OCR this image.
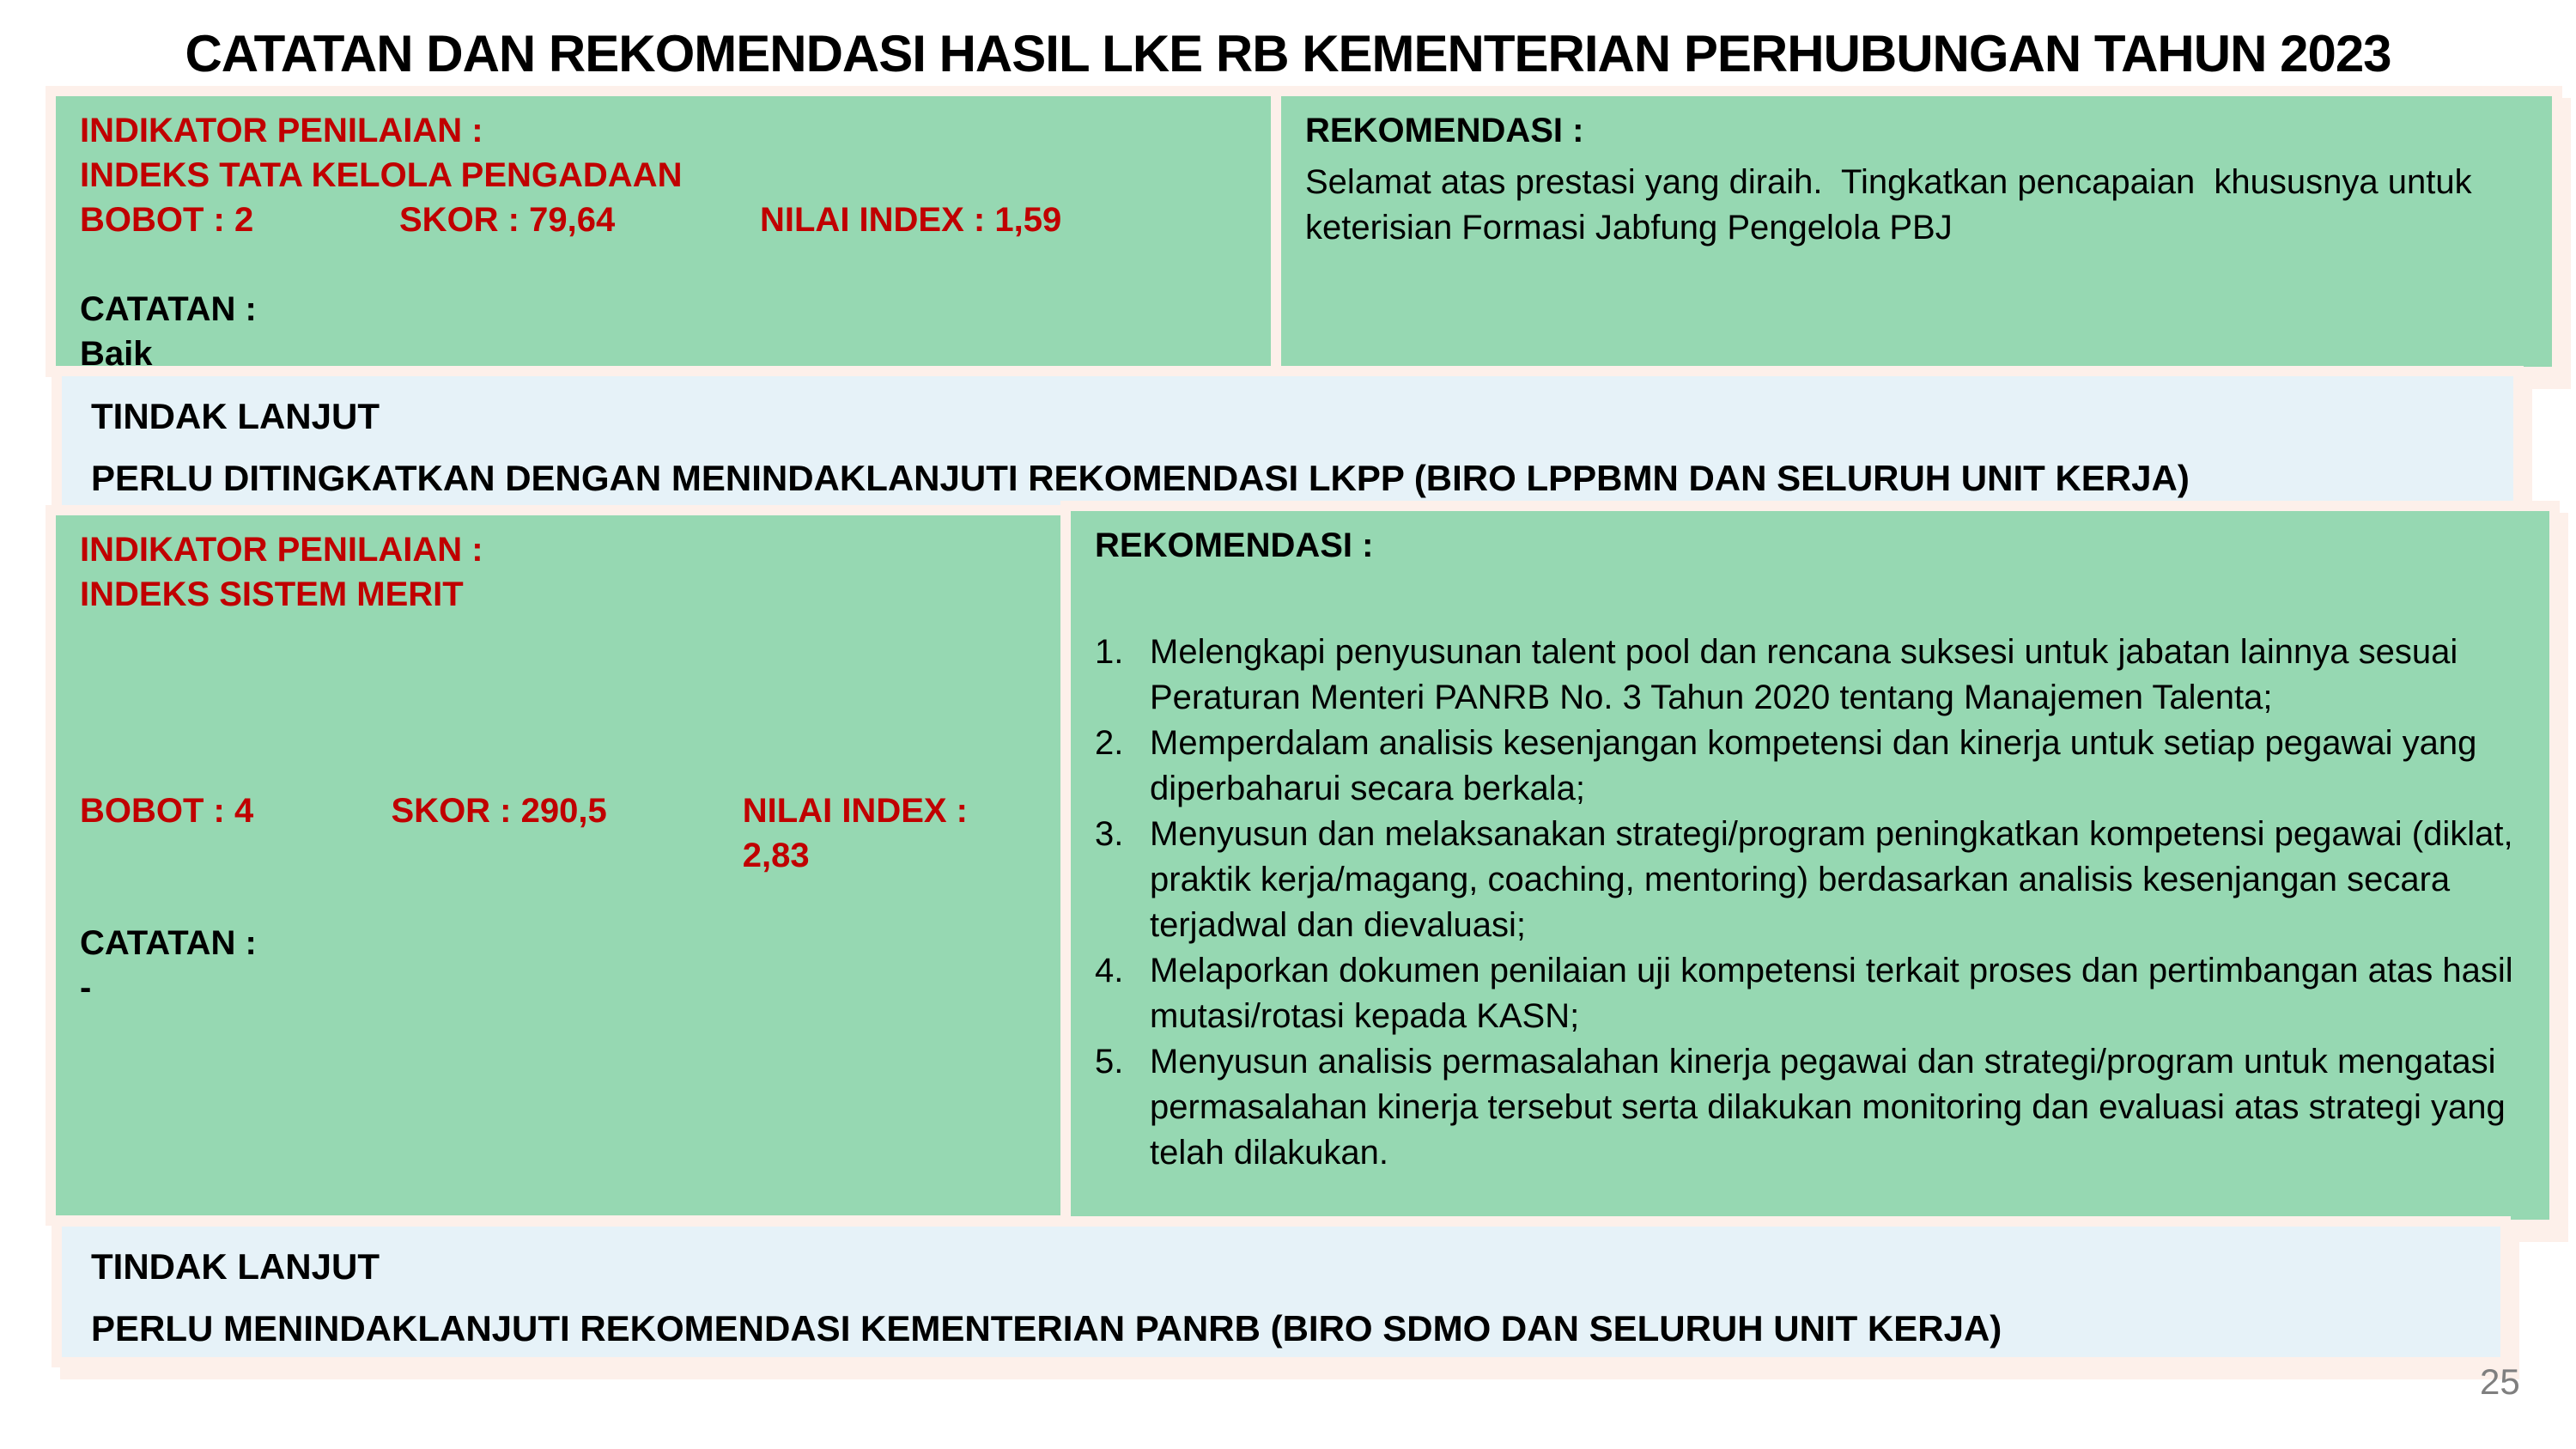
CATATAN DAN REKOMENDASI HASIL LKE RB KEMENTERIAN PERHUBUNGAN TAHUN 2023
INDIKATOR PENILAIAN :
INDEKS TATA KELOLA PENGADAAN
BOBOT : 2	SKOR : 79,64	NILAI INDEX : 1,59
CATATAN :
Baik
REKOMENDASI :
Selamat atas prestasi yang diraih.  Tingkatkan pencapaian  khususnya untuk keterisian Formasi Jabfung Pengelola PBJ
TINDAK LANJUT
PERLU DITINGKATKAN DENGAN MENINDAKLANJUTI REKOMENDASI LKPP (BIRO LPPBMN DAN SELURUH UNIT KERJA)
INDIKATOR PENILAIAN :
INDEKS SISTEM MERIT
BOBOT : 4	SKOR : 290,5	NILAI INDEX : 2,83
CATATAN :
-
REKOMENDASI :
1. Melengkapi penyusunan talent pool dan rencana suksesi untuk jabatan lainnya sesuai Peraturan Menteri PANRB No. 3 Tahun 2020 tentang Manajemen Talenta;
2. Memperdalam analisis kesenjangan kompetensi dan kinerja untuk setiap pegawai yang diperbaharui secara berkala;
3. Menyusun dan melaksanakan strategi/program peningkatkan kompetensi pegawai (diklat, praktik kerja/magang, coaching, mentoring) berdasarkan analisis kesenjangan secara terjadwal dan dievaluasi;
4. Melaporkan dokumen penilaian uji kompetensi terkait proses dan pertimbangan atas hasil mutasi/rotasi kepada KASN;
5. Menyusun analisis permasalahan kinerja pegawai dan strategi/program untuk mengatasi permasalahan kinerja tersebut serta dilakukan monitoring dan evaluasi atas strategi yang telah dilakukan.
TINDAK LANJUT
PERLU MENINDAKLANJUTI REKOMENDASI KEMENTERIAN PANRB (BIRO SDMO DAN SELURUH UNIT KERJA)
25
